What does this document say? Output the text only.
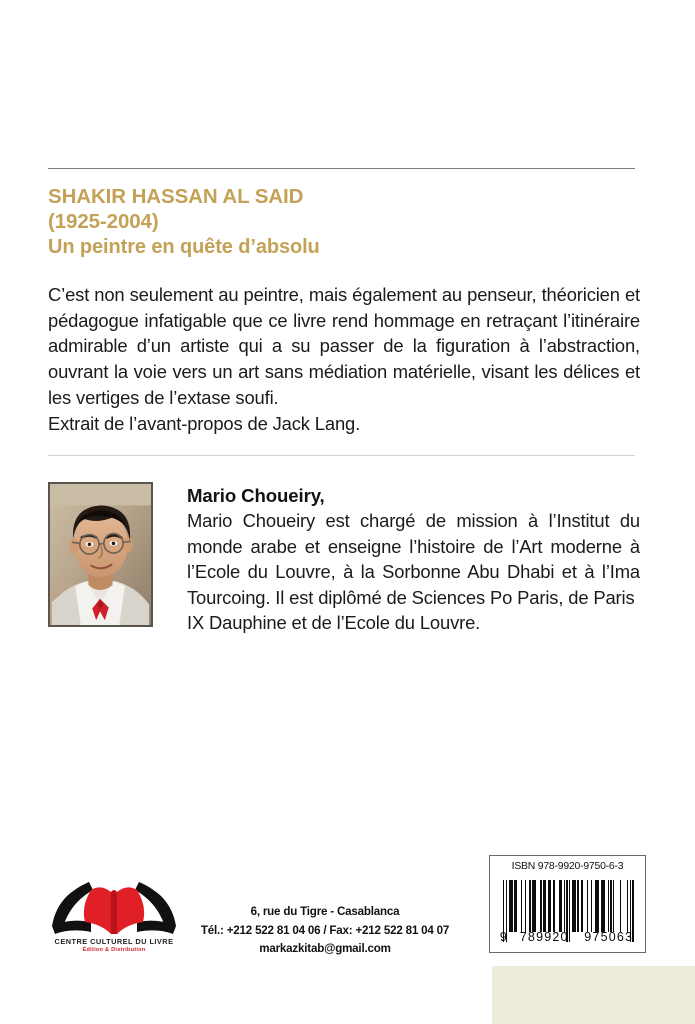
SHAKIR HASSAN AL SAID
(1925-2004)
Un peintre en quête d’absolu
C’est non seulement au peintre, mais également au penseur, théoricien et pédagogue infatigable que ce livre rend hommage en retraçant l’itinéraire admirable d’un artiste qui a su passer de la figuration à l’abstraction, ouvrant la voie vers un art sans médiation matérielle, visant les délices et les vertiges de l’extase soufi.
Extrait de l’avant-propos de Jack Lang.
Mario Choueiry,
Mario Choueiry est chargé de mission à l’Institut du monde arabe et enseigne l’histoire de l’Art moderne à l’Ecole du Louvre, à la Sorbonne Abu Dhabi et à l’Ima Tourcoing. Il est diplômé de Sciences Po Paris, de Paris
IX Dauphine et de l’Ecole du Louvre.
CENTRE CULTUREL DU LIVRE
Édition & Distribution
6, rue du Tigre - Casablanca
Tél.: +212 522 81 04 06 / Fax: +212 522 81 04 07
markazkitab@gmail.com
ISBN 978-9920-9750-6-3
9 789920	975063
